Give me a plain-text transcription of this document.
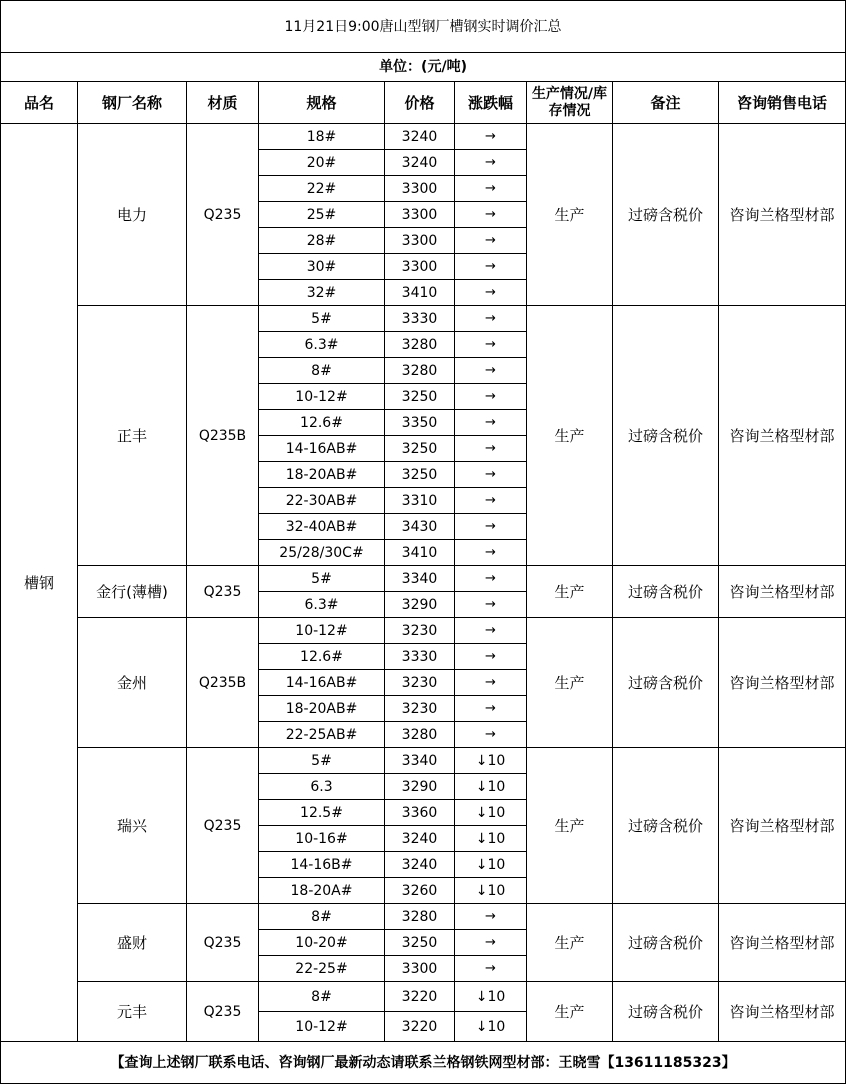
11月21日9:00唐山型钢厂槽钢实时调价汇总								
单位：(元/吨)								
品名	钢厂名称	材质	规格	价格	涨跌幅	生产情况/库存情况	备注	咨询销售电话
槽钢	电力	Q235	18#	3240	→	生产	过磅含税价	咨询兰格型材部
			20#	3240	→			
			22#	3300	→			
			25#	3300	→			
			28#	3300	→			
			30#	3300	→			
			32#	3410	→			
	正丰	Q235B	5#	3330	→	生产	过磅含税价	咨询兰格型材部
			6.3#	3280	→			
			8#	3280	→			
			10-12#	3250	→			
			12.6#	3350	→			
			14-16AB#	3250	→			
			18-20AB#	3250	→			
			22-30AB#	3310	→			
			32-40AB#	3430	→			
			25/28/30C#	3410	→			
	金行(薄槽)	Q235	5#	3340	→	生产	过磅含税价	咨询兰格型材部
			6.3#	3290	→			
	金州	Q235B	10-12#	3230	→	生产	过磅含税价	咨询兰格型材部
			12.6#	3330	→			
			14-16AB#	3230	→			
			18-20AB#	3230	→			
			22-25AB#	3280	→			
	瑞兴	Q235	5#	3340	↓10	生产	过磅含税价	咨询兰格型材部
			6.3	3290	↓10			
			12.5#	3360	↓10			
			10-16#	3240	↓10			
			14-16B#	3240	↓10			
			18-20A#	3260	↓10			
	盛财	Q235	8#	3280	→	生产	过磅含税价	咨询兰格型材部
			10-20#	3250	→			
			22-25#	3300	→			
	元丰	Q235	8#	3220	↓10	生产	过磅含税价	咨询兰格型材部
			10-12#	3220	↓10			
【查询上述钢厂联系电话、咨询钢厂最新动态请联系兰格钢铁网型材部：王晓雪【13611185323】								
